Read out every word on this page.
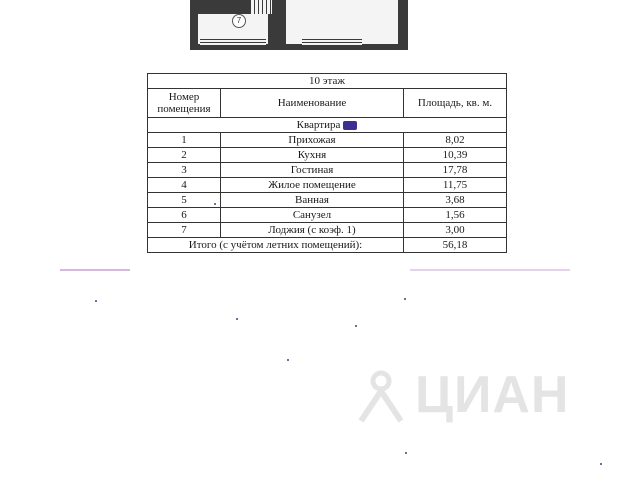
7
10 этаж		
Номер помещения	Наименование	Площадь, кв. м.
Квартира		
1	Прихожая	8,02
2	Кухня	10,39
3	Гостиная	17,78
4	Жилое помещение	11,75
5	Ванная	3,68
6	Санузел	1,56
7	Лоджия (с коэф. 1)	3,00
Итого (с учётом летних помещений):		56,18
ЦИАН
